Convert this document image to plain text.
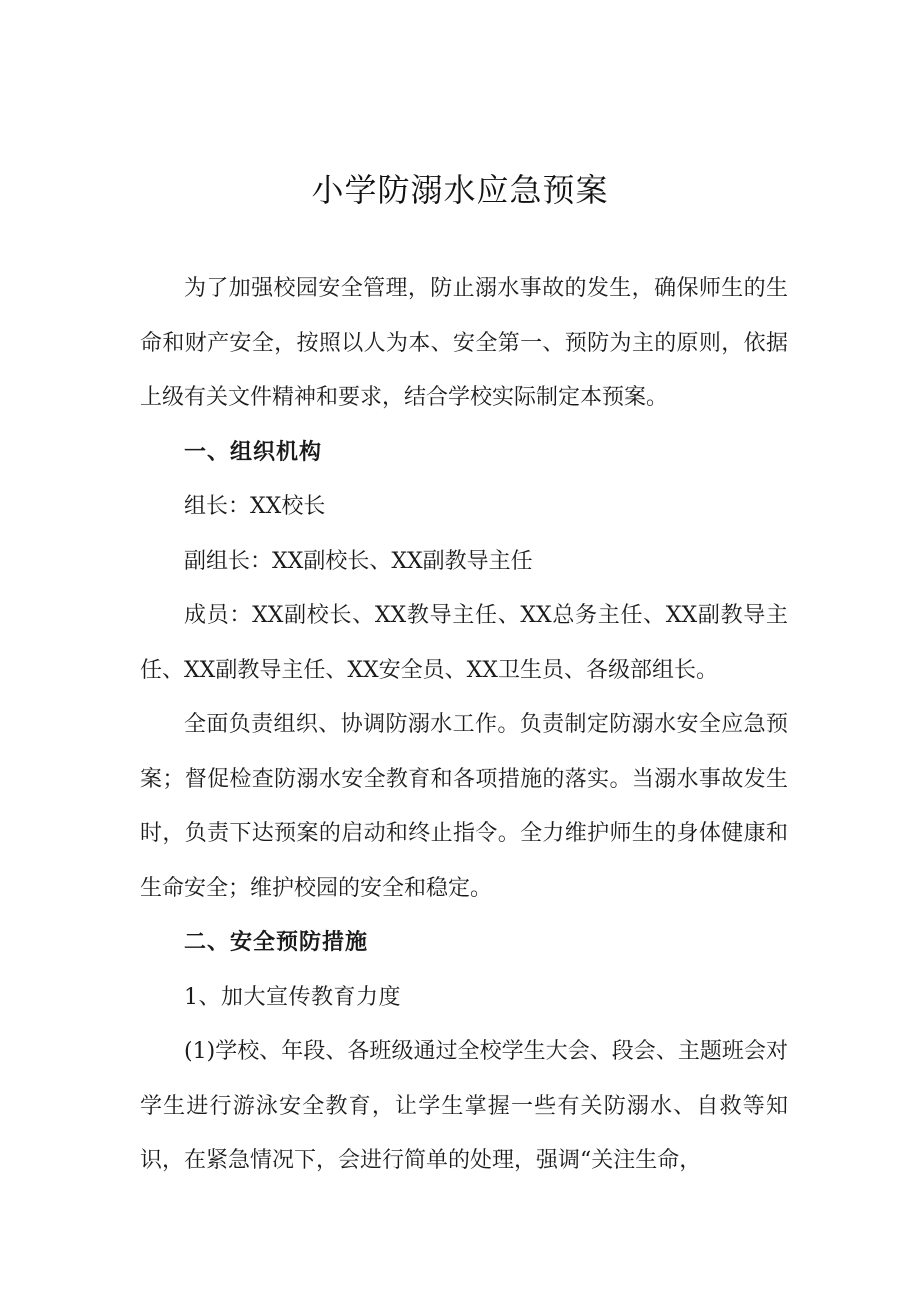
小学防溺水应急预案

为了加强校园安全管理，防止溺水事故的发生，确保师生的生命和财产安全，按照以人为本、安全第一、预防为主的原则，依据上级有关文件精神和要求，结合学校实际制定本预案。

一、组织机构

组长：XX校长

副组长：XX副校长、XX副教导主任

成员：XX副校长、XX教导主任、XX总务主任、XX副教导主任、XX副教导主任、XX安全员、XX卫生员、各级部组长。

全面负责组织、协调防溺水工作。负责制定防溺水安全应急预案；督促检查防溺水安全教育和各项措施的落实。当溺水事故发生时，负责下达预案的启动和终止指令。全力维护师生的身体健康和生命安全；维护校园的安全和稳定。

二、安全预防措施

1、加大宣传教育力度

(1)学校、年段、各班级通过全校学生大会、段会、主题班会对学生进行游泳安全教育，让学生掌握一些有关防溺水、自救等知识，在紧急情况下，会进行简单的处理，强调“关注生命，
